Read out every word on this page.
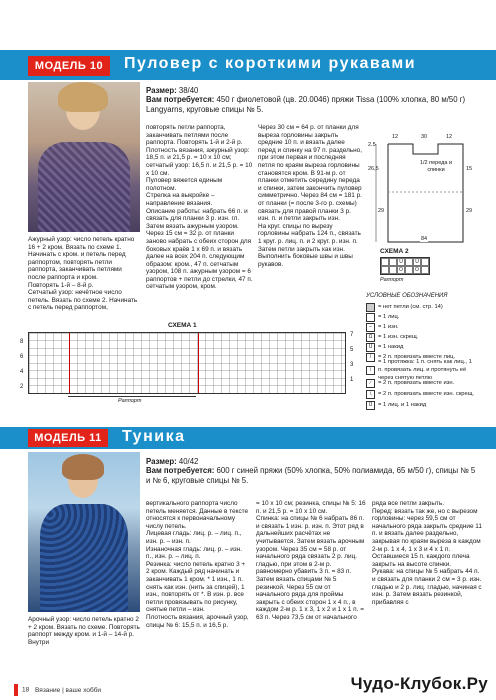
МОДЕЛЬ 10	Пуловер с короткими рукавами
Размер: 38/40
Вам потребуется: 450 г фиолетовой (цв. 20.0046) пряжи Tissa (100% хлопка, 80 м/50 г) Langyarns, круговые спицы № 5.

Ажурный узор: число петель кратно 16 + 2 кром. Вязать по схеме 1. Начинать с кром. и петель перед раппортом, повторять петли раппорта, заканчивать петлями после раппорта и кром.

Повторять 1-й – 8-й р.

Сетчатый узор: нечётное число петель. Вязать по схеме 2. Начинать с петель перед раппортом,

повторять петли раппорта, заканчивать петлями после раппорта. Повторять 1-й и 2-й р.

Плотность вязания, ажурный узор: 18,5 п. и 21,5 р. = 10 х 10 см; сетчатый узор: 16,5 п. и 21,5 р. = 10 х 10 см.

Пуловер вяжется единым полотном.

Стрелка на выкройке – направление вязания.

Описание работы: набрать 66 п. и связать для планки 3 р. изн. гл. Затем вязать ажурным узором. Через 15 см = 32 р. от планки заново набрать с обеих сторон для боковых краёв 1 х 69 п. и вязать далее на всех 204 п. следующим образом: кром., 47 п. сетчатым узором, 108 п. ажурным узором = 6 раппортов + петли до стрелки, 47 п. сетчатым узором, кром.

Через 30 см = 64 р. от планки для выреза горловины закрыть средние 10 п. и вязать далее перед и спинку на 97 п. раздельно, при этом первая и последняя петля по краям выреза горловины становятся кром. В 91-м р. от планки отметить середину переда и спинки, затем закончить пуловер симметрично. Через 84 см = 181 р. от планки (= после 3-го р. схемы) связать для правой планки 3 р. изн. п. и петли закрыть изн.

На круг. спицы по вырезу горловины набрать 124 п., связать 1 круг. р. лиц. п. и 2 круг. р. изн. п. Затем петли закрыть как изн. Выполнить боковые швы и швы рукавов.

1/2 переда и спинки
12	30	12
2.5
26,5
29	29
15
84
СХЕМА 2
U	U
O	O
Раппорт
УСЛОВНЫЕ ОБОЗНАЧЕНИЯ
= нет петли (см. стр. 14)
= 1 лиц.
–	= 1 изн.
Ω = 1 изн. скрещ.
U = 1 накид
/	= 2 п. провязать вместе лиц.
\
= 1 протяжка: 1 п. снять как лиц., 1 п. провязать лиц. и протянуть её через снятую петлю
∕	= 2 п. провязать вместе изн.
∖	= 2 п. провязать вместе изн. скрещ.
Ů = 1 лиц. и 1 накид
СХЕМА 1
7

5

3

1
8

6

4

2
Раппорт
МОДЕЛЬ 11	Туника
Размер: 40/42
Вам потребуется: 600 г синей пряжи (50% хлопка, 50% полиамида, 65 м/50 г), спицы № 5 и № 6, круговые спицы № 5.

Арочный узор: число петель кратно 2 + 2 кром. Вязать по схеме. Повторять раппорт между кром. и 1-й – 14-й р. Внутри

вертикального раппорта число петель меняется. Данные в тексте относятся к первоначальному числу петель.

Лицевая гладь: лиц. р. – лиц. п., изн. р. – изн. п.

Изнаночная гладь: лиц. р. – изн. п., изн. р. – лиц. п.

Резинка: число петель кратно 3 + 2 кром. Каждый ряд начинать и заканчивать 1 кром. * 1 изн., 1 п. снять как изн. (нить за спицей), 1 изн., повторять от *. В изн. р. все петли провязывать по рисунку, снятые петли – изн.

Плотность вязания, арочный узор, спицы № 6: 15,5 п. и 16,5 р.

= 10 х 10 см; резинка, спицы № 5: 16 п. и 21,5 р. = 10 х 10 см.

Спинка: на спицы № 6 набрать 86 п. и связать 1 изн. р. изн. п. Этот ряд в дальнейших расчётах не учитывается. Затем вязать арочным узором. Через 35 см = 58 р. от начального ряда связать 2 р. лиц. гладью, при этом в 2-м р. равномерно убавить 3 п. = 83 п. Затем вязать спицами № 5 резинкой. Через 55 см от начального ряда для проймы закрыть с обеих сторон 1 х 4 п., в каждом 2-м р. 1 х 3, 1 х 2 и 1 х 1 п. = 63 п. Через 73,5 см от начального

ряда все петли закрыть.

Перед: вязать так же, но с вырезом горловины: через 59,5 см от начального ряда закрыть средние 11 п. и вязать далее раздельно, закрывая по краям выреза в каждом 2-м р. 1 х 4, 1 х 3 и 4 х 1 п. Оставшиеся 15 п. каждого плеча закрыть на высоте спинки.

Рукава: на спицы № 5 набрать 44 п. и связать для планки 2 см = 3 р. изн. гладью и 2 р. лиц. гладью, начиная с изн. р. Затем вязать резинкой, прибавляя с

18 Вязание | ваше хобби	Чудо-Клубок.Ру
